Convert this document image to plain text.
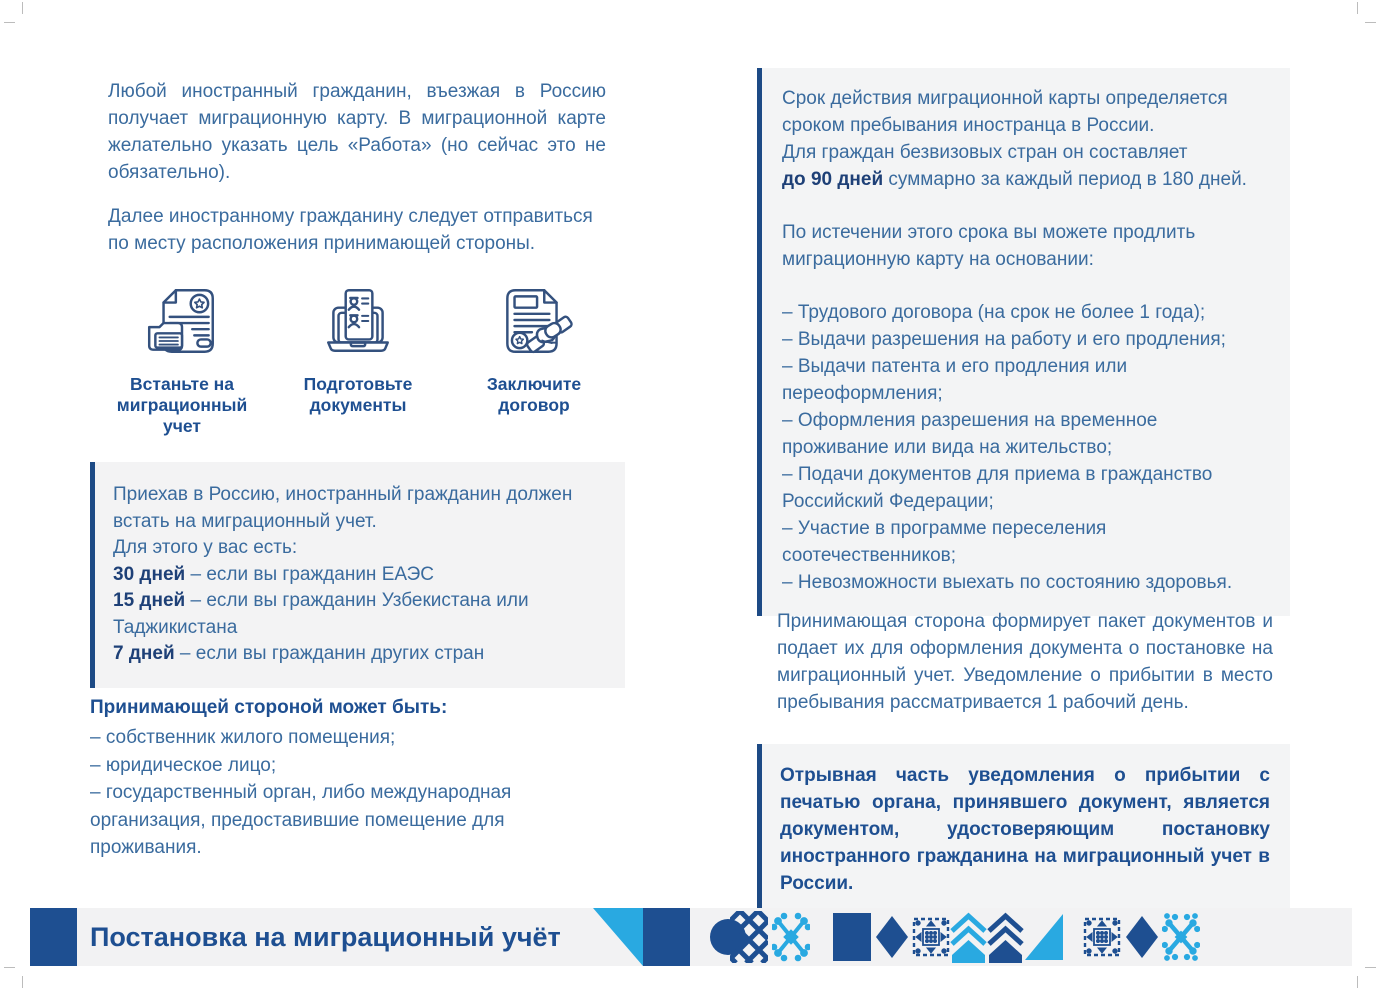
Любой иностранный гражданин, въезжая в Россию получает миграционную карту. В миграционной карте желательно указать цель «Работа» (но сейчас это не обязательно).
Далее иностранному гражданину следует отправиться по месту расположения принимающей стороны.
Встаньте на миграционный учет
Подготовьте документы
Заключите договор
Приехав в Россию, иностранный гражданин должен встать на миграционный учет.
Для этого у вас есть:
30 дней – если вы гражданин ЕАЭС
15 дней – если вы гражданин Узбекистана или Таджикистана
7 дней – если вы гражданин других стран
Принимающей стороной может быть:
– собственник жилого помещения;
– юридическое лицо;
– государственный орган, либо международная организация, предоставившие помещение для проживания.
Срок действия миграционной карты определяется сроком пребывания иностранца в России.
Для граждан безвизовых стран он составляет
до 90 дней суммарно за каждый период в 180 дней.
По истечении этого срока вы можете продлить миграционную карту на основании:
– Трудового договора (на срок не более 1 года);
– Выдачи разрешения на работу и его продления;
– Выдачи патента и его продления или переоформления;
– Оформления разрешения на временное проживание или вида на жительство;
– Подачи документов для приема в гражданство Российский Федерации;
– Участие в программе переселения соотечественников;
– Невозможности выехать по состоянию здоровья.
Принимающая сторона формирует пакет документов и подает их для оформления документа о постановке на миграционный учет. Уведомление о прибытии в место пребывания рассматривается 1 рабочий день.
Отрывная часть уведомления о прибытии с печатью органа, принявшего документ, является документом, удостоверяющим постановку иностранного гражданина на миграционный учет в России.
Постановка на миграционный учёт
